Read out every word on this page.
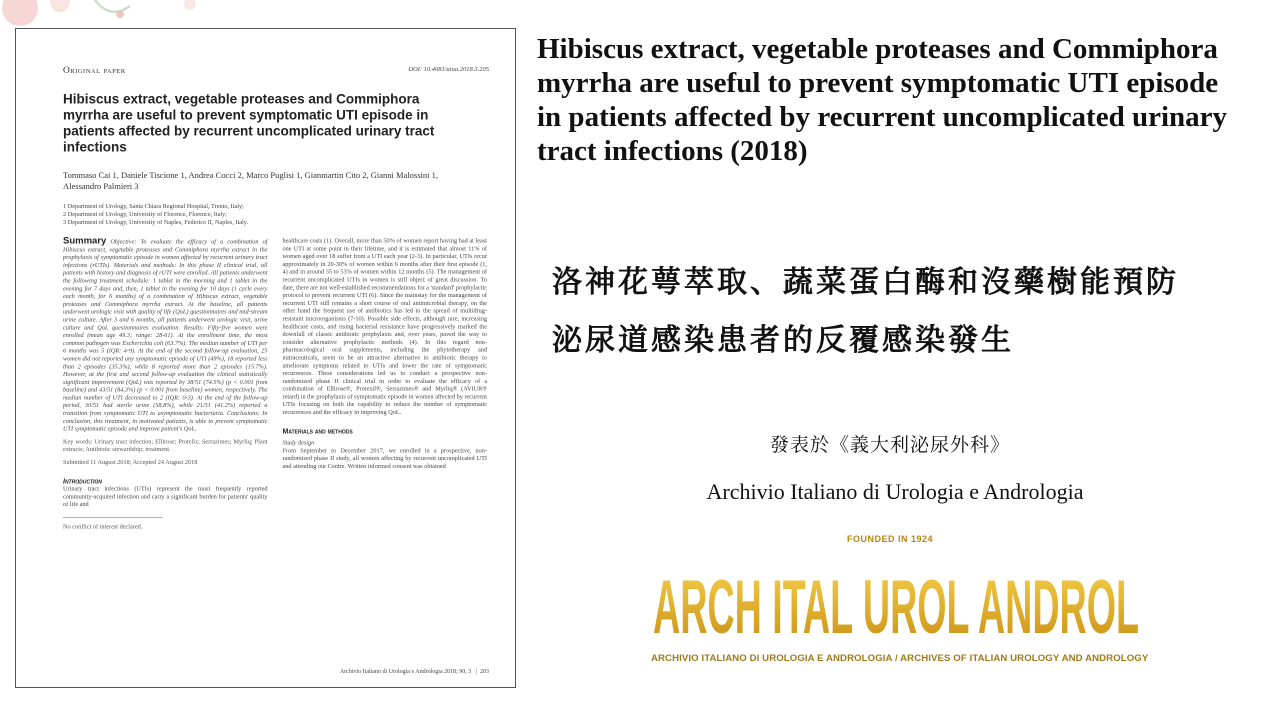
DOI: 10.4081/aiua.2018.3.205
Original paper
Hibiscus extract, vegetable proteases and Commiphora myrrha are useful to prevent symptomatic UTI episode in patients affected by recurrent uncomplicated urinary tract infections
Tommaso Cai 1, Daniele Tiscione 1, Andrea Cocci 2, Marco Puglisi 1, Gianmartin Cito 2, Gianni Malossini 1, Alessandro Palmieri 3
1 Department of Urology, Santa Chiara Regional Hospital, Trento, Italy;
2 Department of Urology, University of Florence, Florence, Italy;
3 Department of Urology, University of Naples, Federico II, Naples, Italy.
Summary Objective: To evaluate the efficacy of a combination of Hibiscus extract, vegetable proteases and Commiphora myrrha extract in the prophylaxis of symptomatic episode in women affected by recurrent urinary tract infections (rUTIs). Materials and methods: In this phase II clinical trial, all patients with history and diagnosis of rUTI were enrolled. All patients underwent the following treatment schedule: 1 tablet in the morning and 1 tablet in the evening for 7 days and, then, 1 tablet in the evening for 10 days (1 cycle every each month, for 6 months) of a combination of Hibiscus extract, vegetable proteases and Commiphora myrrha extract. At the baseline, all patients underwent urologic visit with quality of life (QoL) questionnaires and mid-stream urine culture. After 3 and 6 months, all patients underwent urologic visit, urine culture and QoL questionnaires evaluation. Results: Fifty-five women were enrolled (mean age 49.3; range: 28-61). At the enrollment time, the most common pathogen was Escherichia coli (63.7%). The median number of UTI per 6 months was 5 (IQR: 4-9). At the end of the second follow-up evaluation, 25 women did not reported any symptomatic episode of UTI (49%), 18 reported less than 2 episodes (35.3%), while 8 reported more than 2 episodes (15.7%). However, at the first and second follow-up evaluation the clinical statistically significant improvement (QoL) was reported by 38/51 (74.5%) (p < 0.001 from baseline) and 43/51 (84.3%) (p < 0.001 from baseline) women, respectively. The median number of UTI decreased to 2 (IQR: 0-3). At the end of the follow-up period, 30/51 had sterile urine (58.8%), while 21/51 (41.2%) reported a transition from symptomatic UTI to asymptomatic bacteriuria. Conclusions: In conclusion, this treatment, in motivated patients, is able to prevent symptomatic UTI symptomatic episode and improve patient's QoL.
Key words: Urinary tract infection; Ellirose; Protelix; Serrazimes; Myrliq; Plant extracts; Antibiotic stewardship; treatment.
Submitted 11 August 2018; Accepted 24 August 2018
Introduction
Urinary tract infections (UTIs) represent the most frequently reported community-acquired infection and carry a significant burden for patients' quality of life and
No conflict of interest declared.
healthcare costs (1). Overall, more than 50% of women report having had at least one UTI at some point in their lifetime, and it is estimated that almost 11% of women aged over 18 suffer from a UTI each year (2-3). In particular, UTIs recur approximately in 20-30% of women within 6 months after their first episode (1, 4) and in around 35 to 53% of women within 12 months (5). The management of recurrent uncomplicated UTIs in women is still object of great discussion. To date, there are not well-established recommendations for a 'standard' prophylactic protocol to prevent recurrent UTI (6). Since the mainstay for the management of recurrent UTI still remains a short course of oral antimicrobial therapy, on the other hand the frequent use of antibiotics has led to the spread of multidrug-resistant microorganisms (7-10). Possible side effects, although rare, increasing healthcare costs, and rising bacterial resistance have progressively marked the downfall of classic antibiotic prophylaxis and, over years, paved the way to consider alternative prophylactic methods (4). In this regard non-pharmacological oral supplements, including the phytotherapy and nutraceuticals, seem to be an attractive alternative to antibiotic therapy to ameliorate symptoms related to UTIs and lower the rate of symptomatic recurrences. These considerations led us to conduct a prospective non-randomized phase II clinical trial in order to evaluate the efficacy of a combination of Ellirose®, Protexil®, Serrazimes® and Myrliq® (AVIUR® retard) in the prophylaxis of symptomatic episode in women affected by recurrent UTIs focusing on both the capability to reduce the number of symptomatic recurrences and the efficacy in improving QoL.
Materials and methods
Study design
From September to December 2017, we enrolled in a prospective, non-randomized phase II study, all women affecting by recurrent uncomplicated UTI and attending our Centre. Written informed consent was obtained
Archivio Italiano di Urologia e Andrologia 2018; 90, 3   |  203
Hibiscus extract, vegetable proteases and Commiphora myrrha are useful to prevent symptomatic UTI episode in patients affected by recurrent uncomplicated urinary tract infections (2018)
洛神花萼萃取、蔬菜蛋白酶和沒藥樹能預防
泌尿道感染患者的反覆感染發生
發表於《義大利泌尿外科》
Archivio Italiano di Urologia e Andrologia
FOUNDED IN 1924
ARCH ITAL UROL ANDROL
ARCHIVIO ITALIANO DI UROLOGIA E ANDROLOGIA / ARCHIVES OF ITALIAN UROLOGY AND ANDROLOGY
